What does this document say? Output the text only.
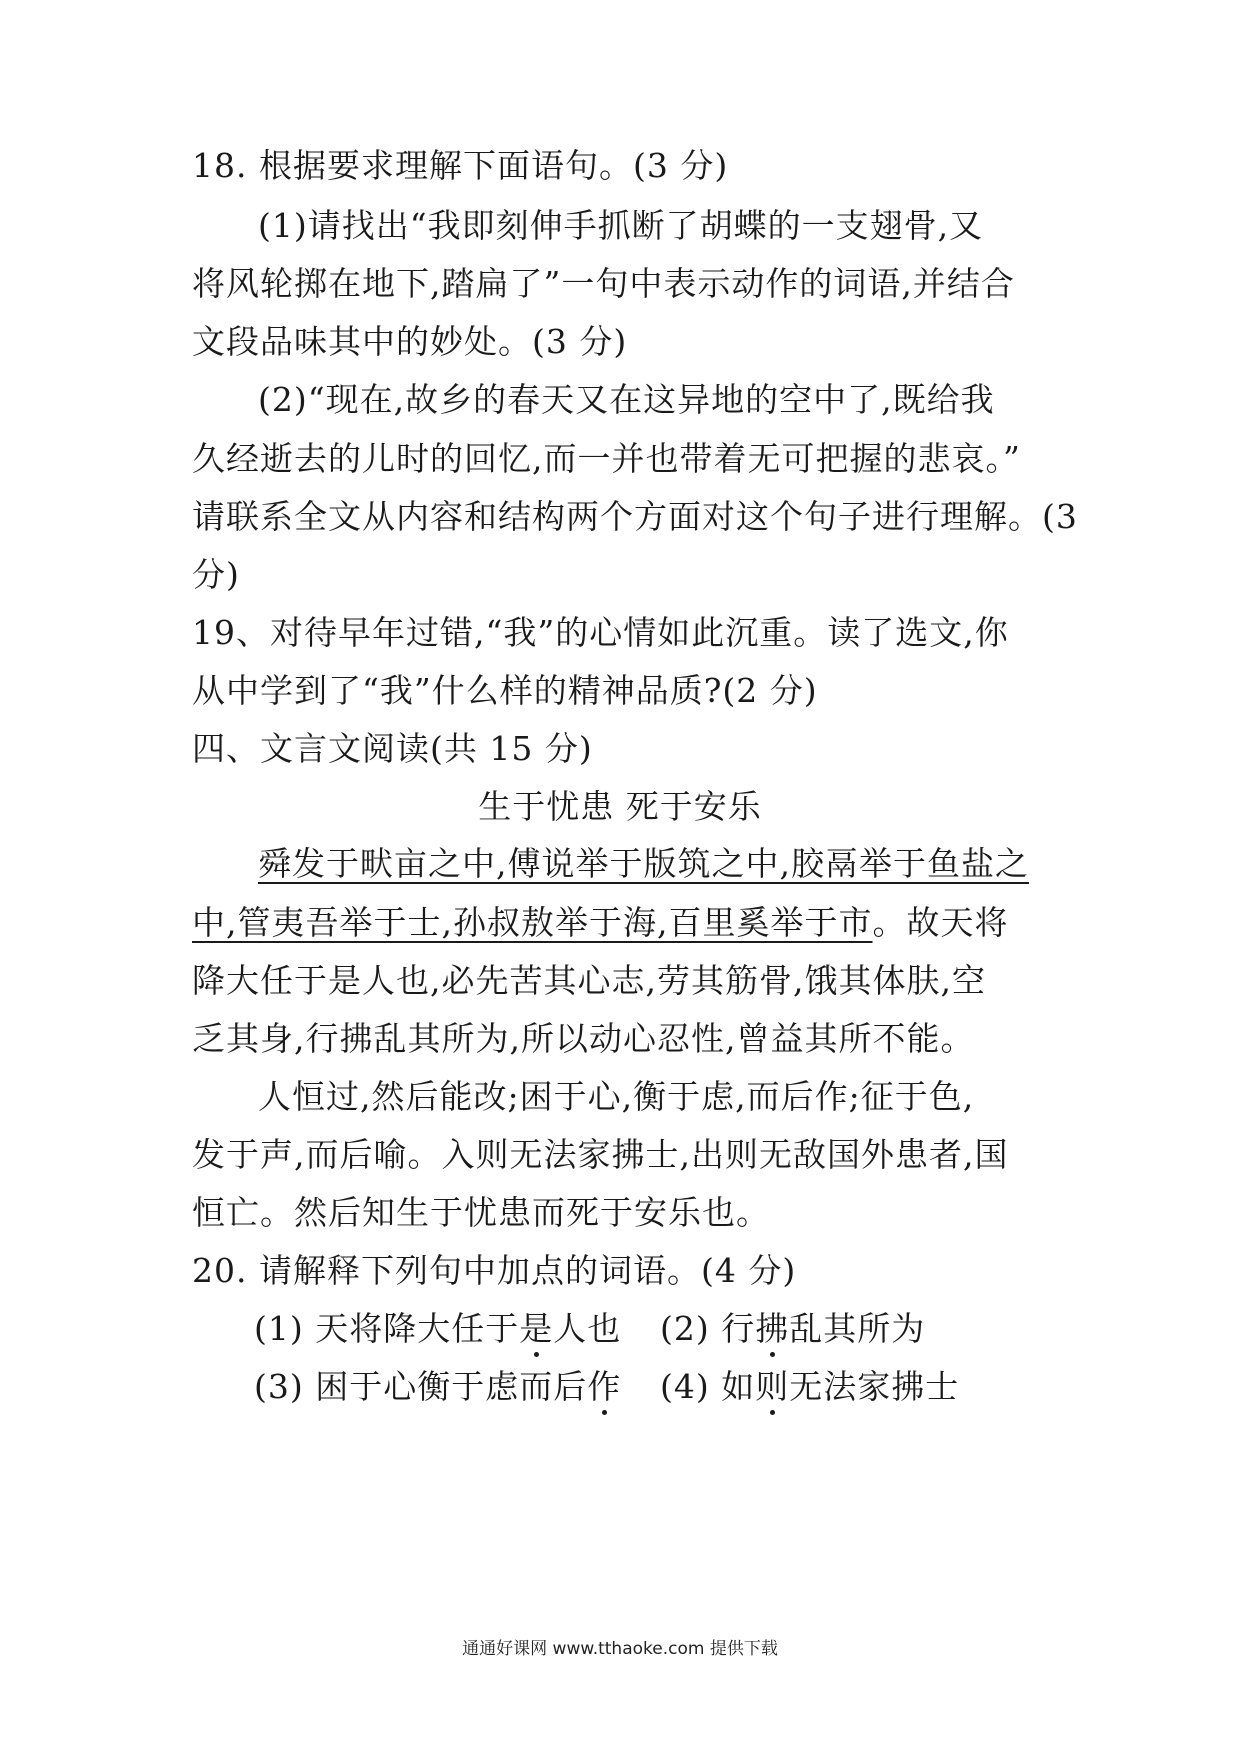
18. 根据要求理解下面语句。(3 分)
(1)请找出“我即刻伸手抓断了胡蝶的一支翅骨,又
将风轮掷在地下,踏扁了”一句中表示动作的词语,并结合
文段品味其中的妙处。(3 分)
(2)“现在,故乡的春天又在这异地的空中了,既给我
久经逝去的儿时的回忆,而一并也带着无可把握的悲哀。”
请联系全文从内容和结构两个方面对这个句子进行理解。(3
分)
19、对待早年过错,“我”的心情如此沉重。读了选文,你
从中学到了“我”什么样的精神品质?(2 分)
四、文言文阅读(共 15 分)
生于忧患 死于安乐
舜发于畎亩之中,傅说举于版筑之中,胶鬲举于鱼盐之
中,管夷吾举于士,孙叔敖举于海,百里奚举于市。故天将
降大任于是人也,必先苦其心志,劳其筋骨,饿其体肤,空
乏其身,行拂乱其所为,所以动心忍性,曾益其所不能。
人恒过,然后能改;困于心,衡于虑,而后作;征于色,
发于声,而后喻。入则无法家拂士,出则无敌国外患者,国
恒亡。然后知生于忧患而死于安乐也。
20. 请解释下列句中加点的词语。(4 分)
(1) 天将降大任于是人也 (2) 行拂乱其所为
(3) 困于心衡于虑而后作 (4) 如则无法家拂士
通通好课网 www.tthaoke.com 提供下载
